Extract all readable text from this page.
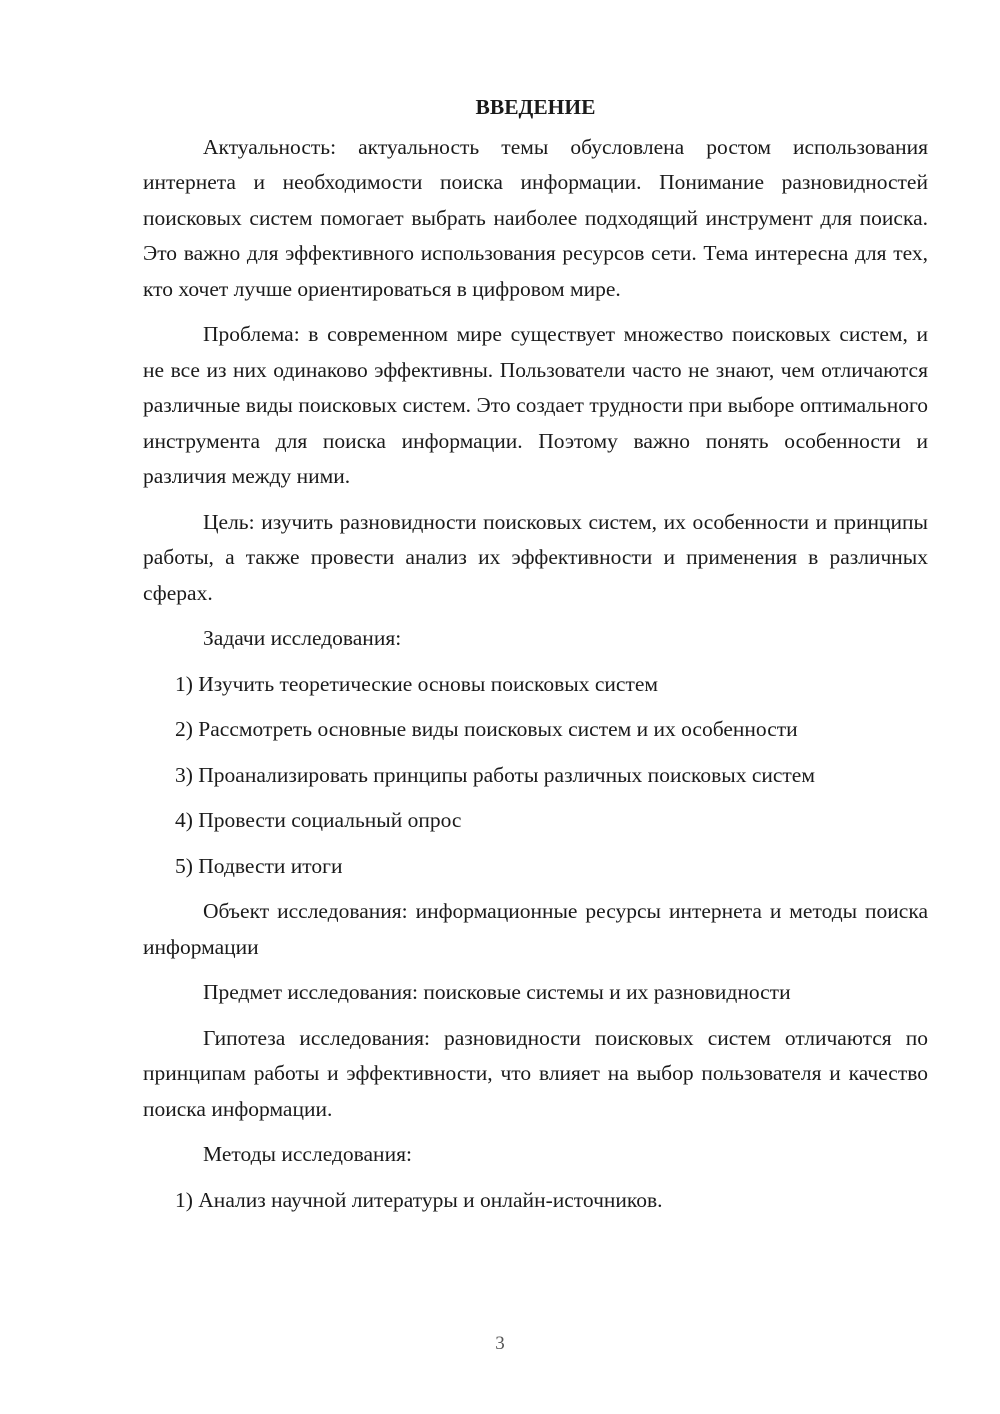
ВВЕДЕНИЕ

Актуальность: актуальность темы обусловлена ростом использования интернета и необходимости поиска информации. Понимание разновидностей поисковых систем помогает выбрать наиболее подходящий инструмент для поиска. Это важно для эффективного использования ресурсов сети. Тема интересна для тех, кто хочет лучше ориентироваться в цифровом мире.

Проблема: в современном мире существует множество поисковых систем, и не все из них одинаково эффективны. Пользователи часто не знают, чем отличаются различные виды поисковых систем. Это создает трудности при выборе оптимального инструмента для поиска информации. Поэтому важно понять особенности и различия между ними.

Цель: изучить разновидности поисковых систем, их особенности и принципы работы, а также провести анализ их эффективности и применения в различных сферах.

Задачи исследования:

1) Изучить теоретические основы поисковых систем
2) Рассмотреть основные виды поисковых систем и их особенности
3) Проанализировать принципы работы различных поисковых систем
4) Провести социальный опрос
5) Подвести итоги

Объект исследования: информационные ресурсы интернета и методы поиска информации

Предмет исследования: поисковые системы и их разновидности

Гипотеза исследования: разновидности поисковых систем отличаются по принципам работы и эффективности, что влияет на выбор пользователя и качество поиска информации.

Методы исследования:

1) Анализ научной литературы и онлайн-источников.
3
